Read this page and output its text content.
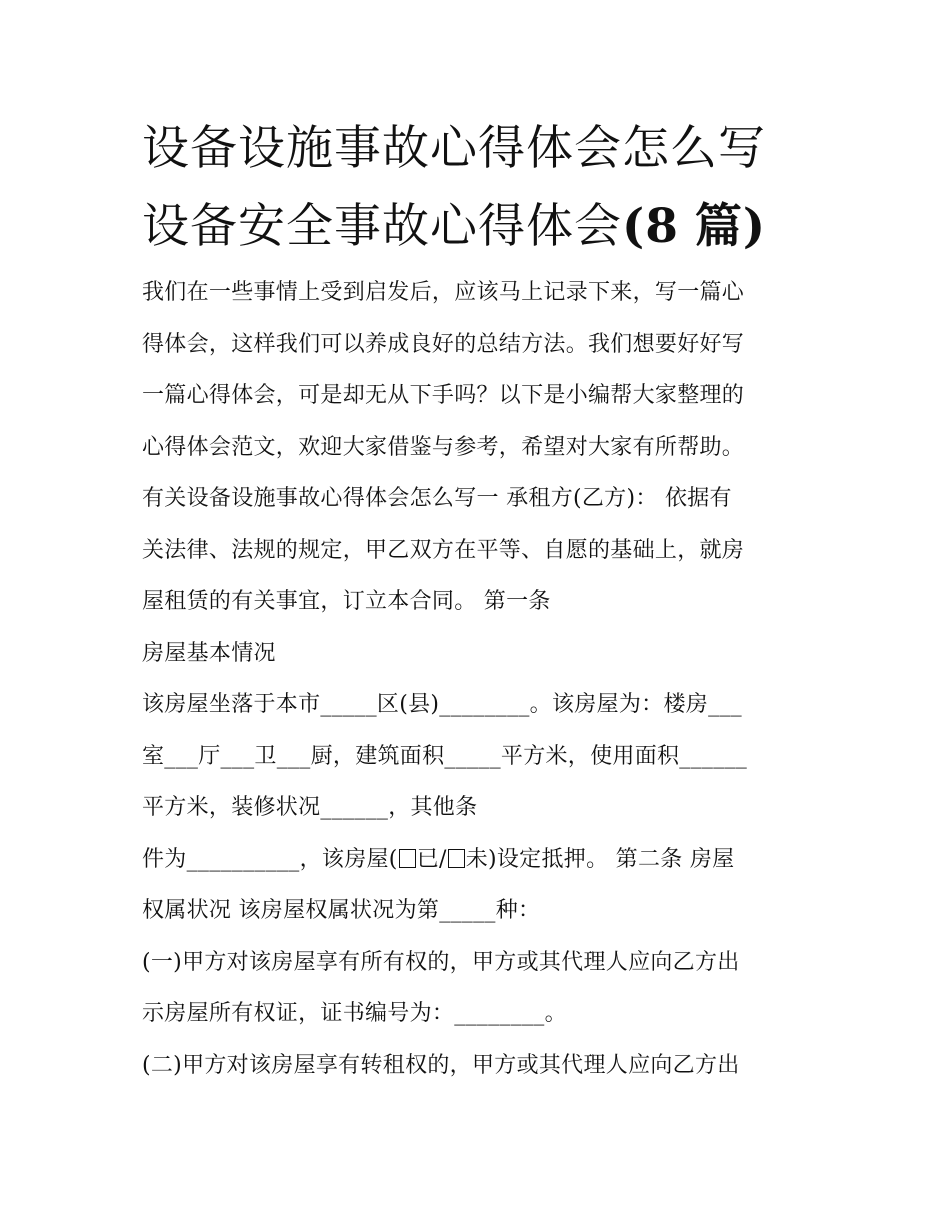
设备设施事故心得体会怎么写
设备安全事故心得体会(8 篇)
我们在一些事情上受到启发后，应该马上记录下来，写一篇心
得体会，这样我们可以养成良好的总结方法。我们想要好好写
一篇心得体会，可是却无从下手吗？以下是小编帮大家整理的
心得体会范文，欢迎大家借鉴与参考，希望对大家有所帮助。
有关设备设施事故心得体会怎么写一 承租方(乙方)： 依据有
关法律、法规的规定，甲乙双方在平等、自愿的基础上，就房
屋租赁的有关事宜，订立本合同。 第一条
房屋基本情况
该房屋坐落于本市_____区(县)________。该房屋为：楼房___
室___厅___卫___厨，建筑面积_____平方米，使用面积______
平方米，装修状况______，其他条
件为__________，该房屋( 已/ 未)设定抵押。 第二条 房屋
权属状况 该房屋权属状况为第_____种：
(一)甲方对该房屋享有所有权的，甲方或其代理人应向乙方出
示房屋所有权证，证书编号为：________。
(二)甲方对该房屋享有转租权的，甲方或其代理人应向乙方出
